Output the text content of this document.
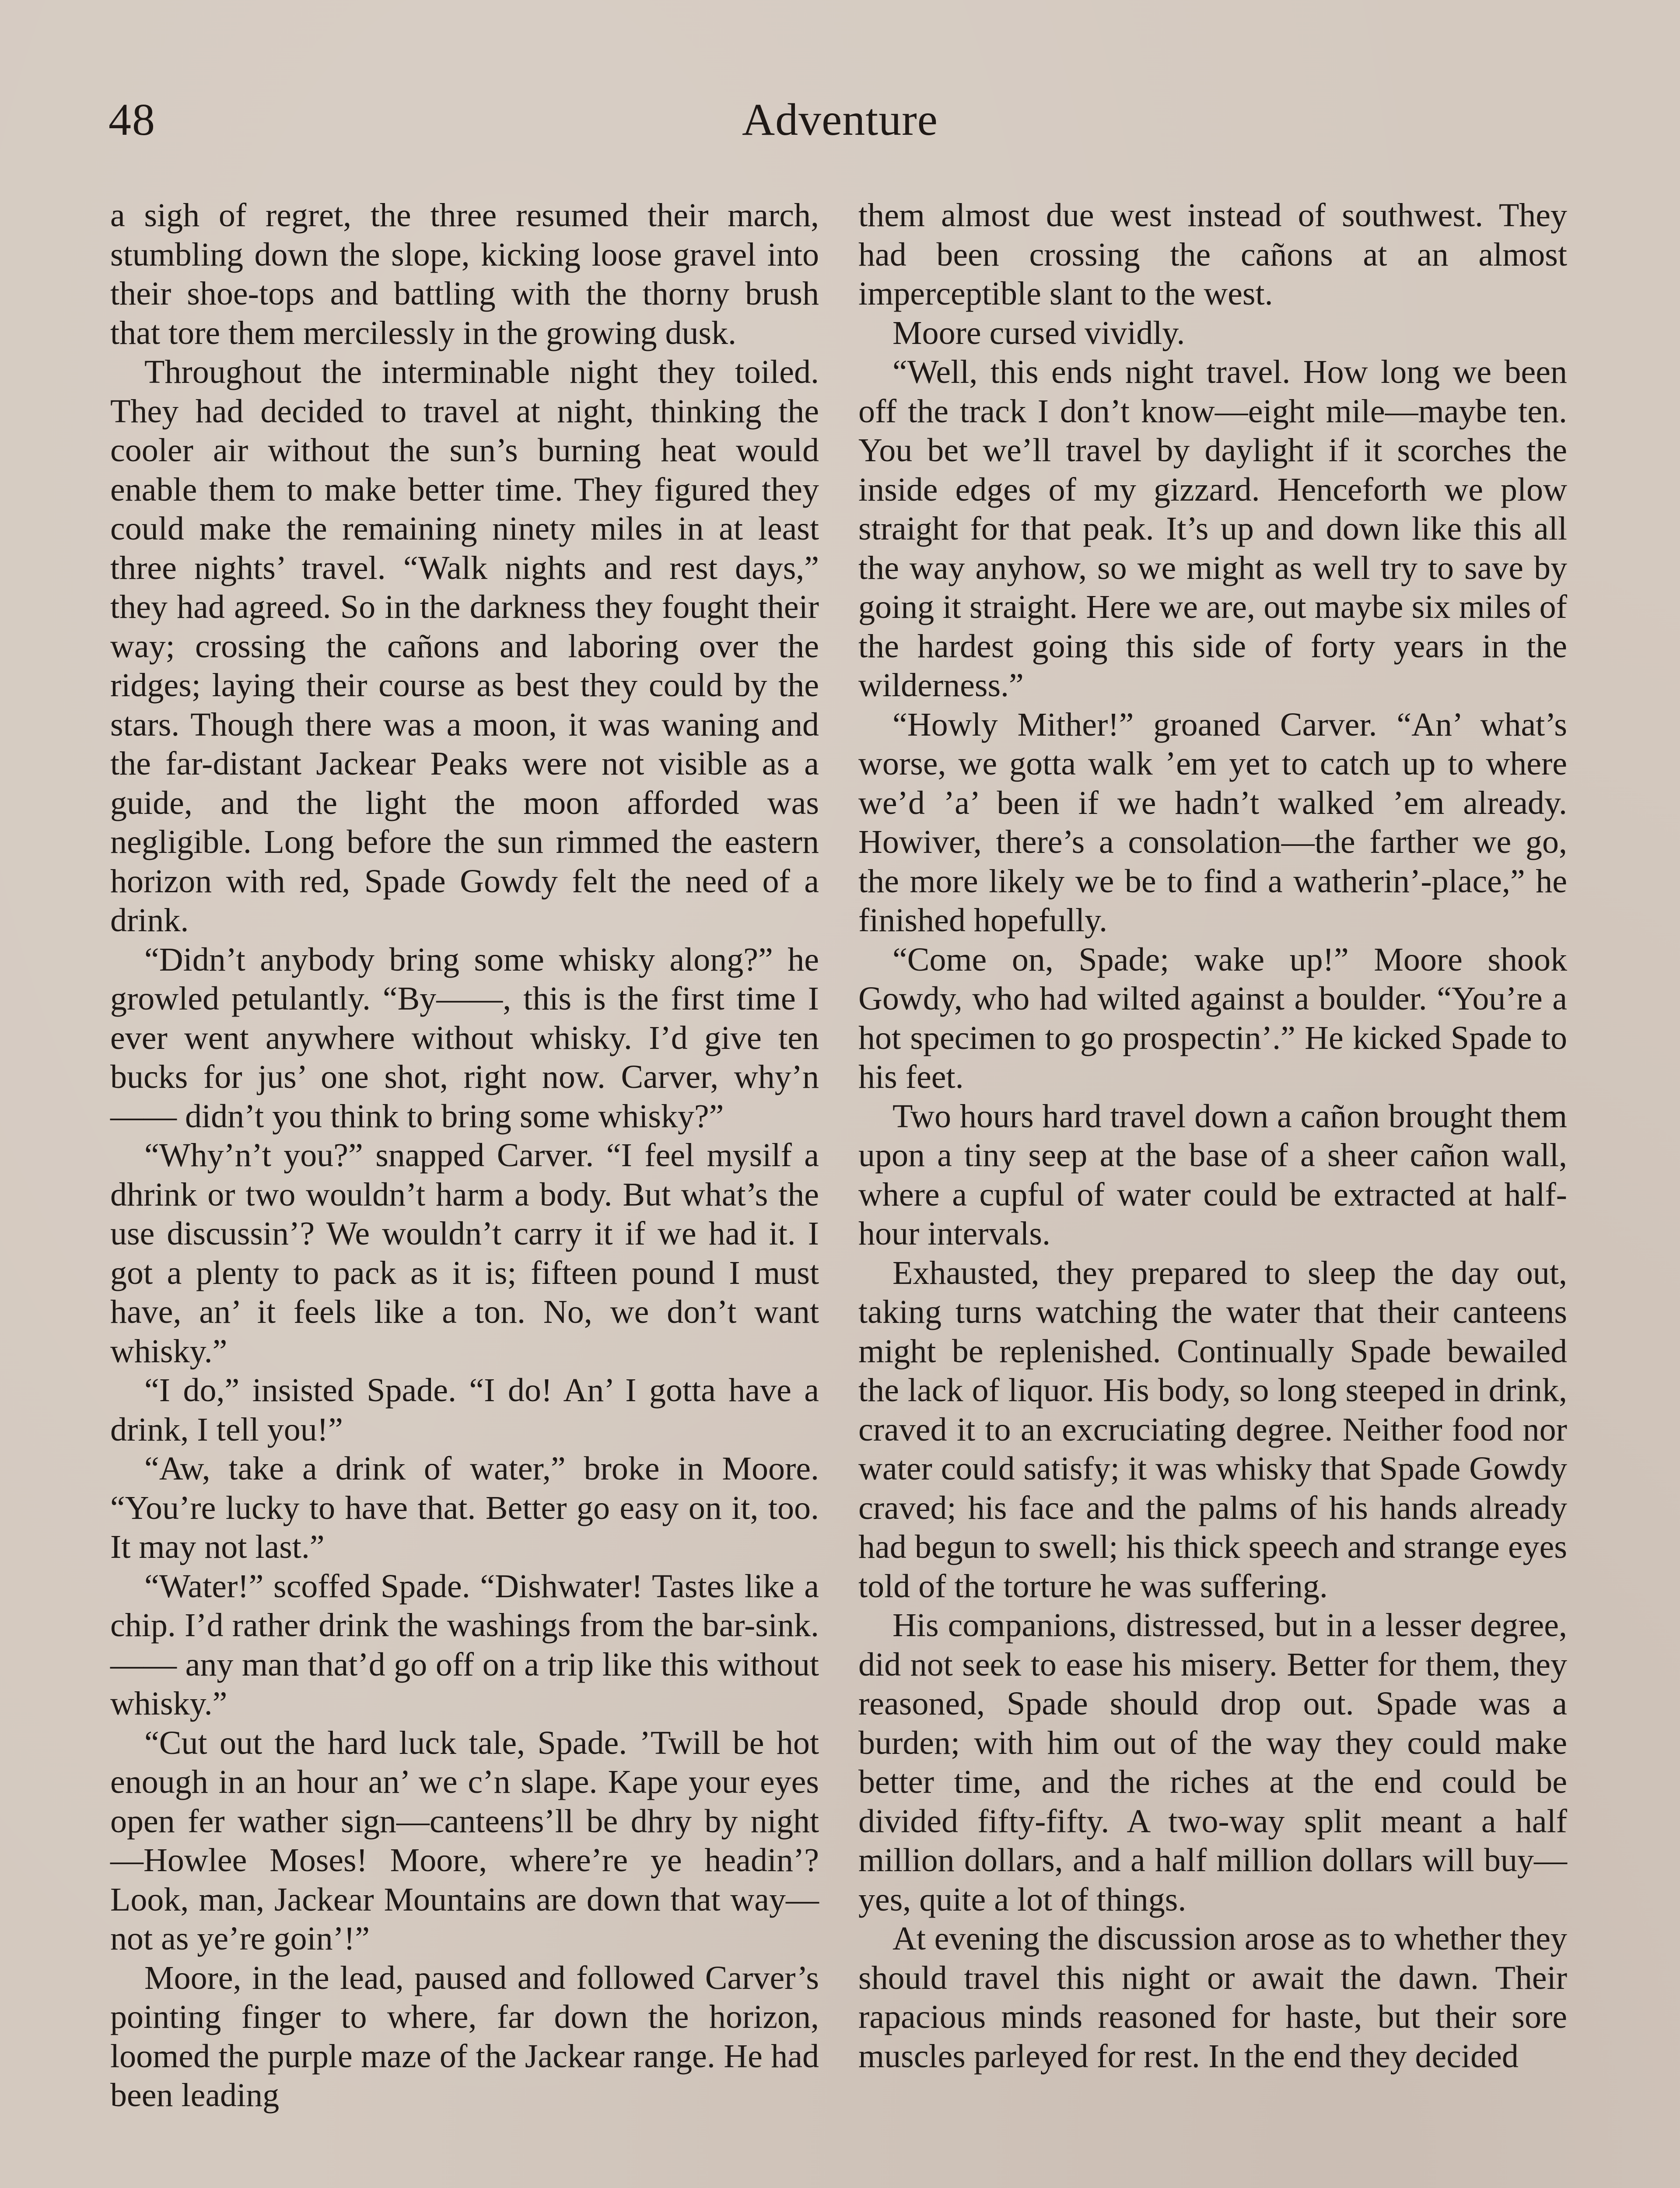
48	Adventure

a sigh of regret, the three resumed their march, stumbling down the slope, kicking loose gravel into their shoe-tops and battling with the thorny brush that tore them mercilessly in the growing dusk.

Throughout the interminable night they toiled. They had decided to travel at night, thinking the cooler air without the sun’s burning heat would enable them to make better time. They figured they could make the remaining ninety miles in at least three nights’ travel. “Walk nights and rest days,” they had agreed. So in the darkness they fought their way; crossing the cañons and laboring over the ridges; laying their course as best they could by the stars. Though there was a moon, it was waning and the far-distant Jackear Peaks were not visible as a guide, and the light the moon afforded was negligible. Long before the sun rimmed the eastern horizon with red, Spade Gowdy felt the need of a drink.

“Didn’t anybody bring some whisky along?” he growled petulantly. “By——, this is the first time I ever went anywhere without whisky. I’d give ten bucks for jus’ one shot, right now. Carver, why’n —— didn’t you think to bring some whisky?”

“Why’n’t you?” snapped Carver. “I feel mysilf a dhrink or two wouldn’t harm a body. But what’s the use discussin’? We wouldn’t carry it if we had it. I got a plenty to pack as it is; fifteen pound I must have, an’ it feels like a ton. No, we don’t want whisky.”

“I do,” insisted Spade. “I do! An’ I gotta have a drink, I tell you!”

“Aw, take a drink of water,” broke in Moore. “You’re lucky to have that. Better go easy on it, too. It may not last.”

“Water!” scoffed Spade. “Dishwater! Tastes like a chip. I’d rather drink the washings from the bar-sink. —— any man that’d go off on a trip like this without whisky.”

“Cut out the hard luck tale, Spade. ’Twill be hot enough in an hour an’ we c’n slape. Kape your eyes open fer wather sign—canteens’ll be dhry by night—Howlee Moses! Moore, where’re ye headin’? Look, man, Jackear Mountains are down that way—not as ye’re goin’!”

Moore, in the lead, paused and followed Carver’s pointing finger to where, far down the horizon, loomed the purple maze of the Jackear range. He had been leading

them almost due west instead of southwest. They had been crossing the cañons at an almost imperceptible slant to the west.

Moore cursed vividly.

“Well, this ends night travel. How long we been off the track I don’t know—eight mile—maybe ten. You bet we’ll travel by daylight if it scorches the inside edges of my gizzard. Henceforth we plow straight for that peak. It’s up and down like this all the way anyhow, so we might as well try to save by going it straight. Here we are, out maybe six miles of the hardest going this side of forty years in the wilderness.”

“Howly Mither!” groaned Carver. “An’ what’s worse, we gotta walk ’em yet to catch up to where we’d ’a’ been if we hadn’t walked ’em already. Howiver, there’s a consolation—the farther we go, the more likely we be to find a watherin’-place,” he finished hopefully.

“Come on, Spade; wake up!” Moore shook Gowdy, who had wilted against a boulder. “You’re a hot specimen to go prospectin’.” He kicked Spade to his feet.

Two hours hard travel down a cañon brought them upon a tiny seep at the base of a sheer cañon wall, where a cupful of water could be extracted at half-hour intervals.

Exhausted, they prepared to sleep the day out, taking turns watching the water that their canteens might be replenished. Continually Spade bewailed the lack of liquor. His body, so long steeped in drink, craved it to an excruciating degree. Neither food nor water could satisfy; it was whisky that Spade Gowdy craved; his face and the palms of his hands already had begun to swell; his thick speech and strange eyes told of the torture he was suffering.

His companions, distressed, but in a lesser degree, did not seek to ease his misery. Better for them, they reasoned, Spade should drop out. Spade was a burden; with him out of the way they could make better time, and the riches at the end could be divided fifty-fifty. A two-way split meant a half million dollars, and a half million dollars will buy—yes, quite a lot of things.

At evening the discussion arose as to whether they should travel this night or await the dawn. Their rapacious minds reasoned for haste, but their sore muscles parleyed for rest. In the end they decided
